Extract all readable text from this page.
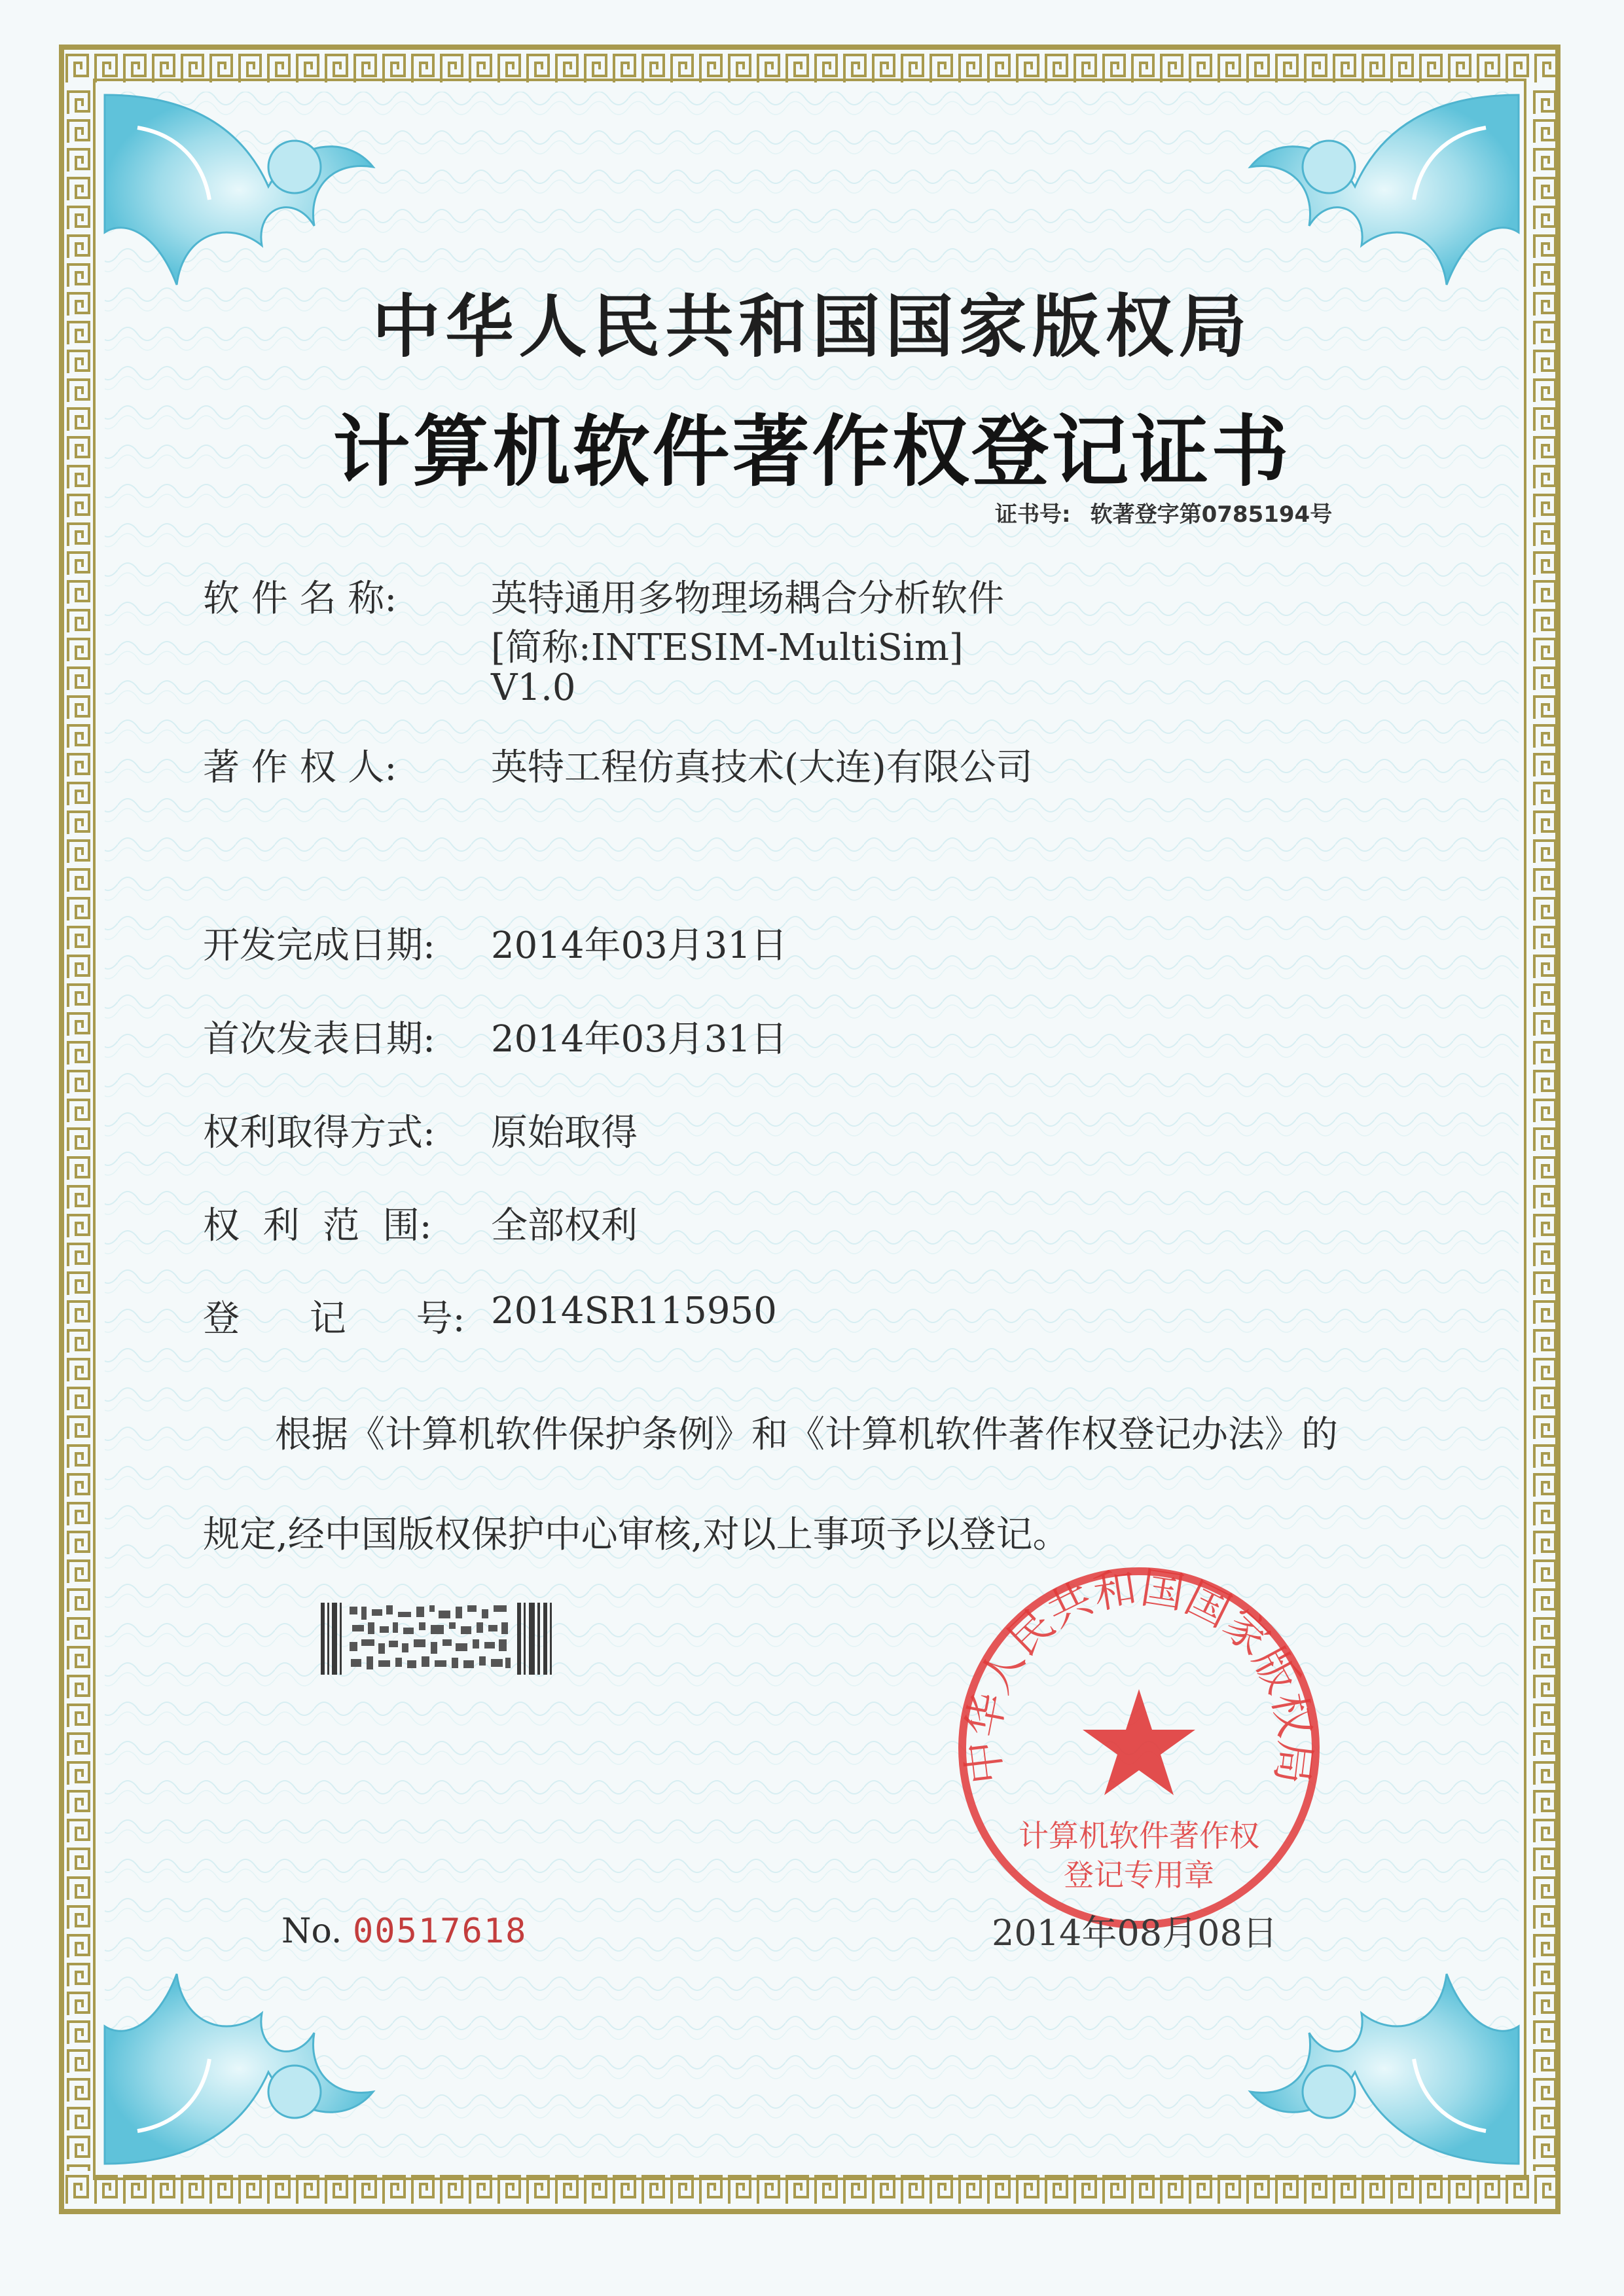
中华人民共和国国家版权局
计算机软件著作权登记证书
证书号: 软著登字第0785194号
软 件 名 称:	英特通用多物理场耦合分析软件
[简称:INTESIM-MultiSim]
V1.0
著 作 权 人:	英特工程仿真技术(大连)有限公司
开发完成日期: 2014年03月31日
首次发表日期: 2014年03月31日
权利取得方式: 原始取得
权  利  范  围: 全部权利
登      记      号: 2014SR115950
根据《计算机软件保护条例》和《计算机软件著作权登记办法》的
规定,经中国版权保护中心审核,对以上事项予以登记。
中华人民共和国国家版权局
计算机软件著作权
登记专用章
No. 00517618	2014年08月08日
